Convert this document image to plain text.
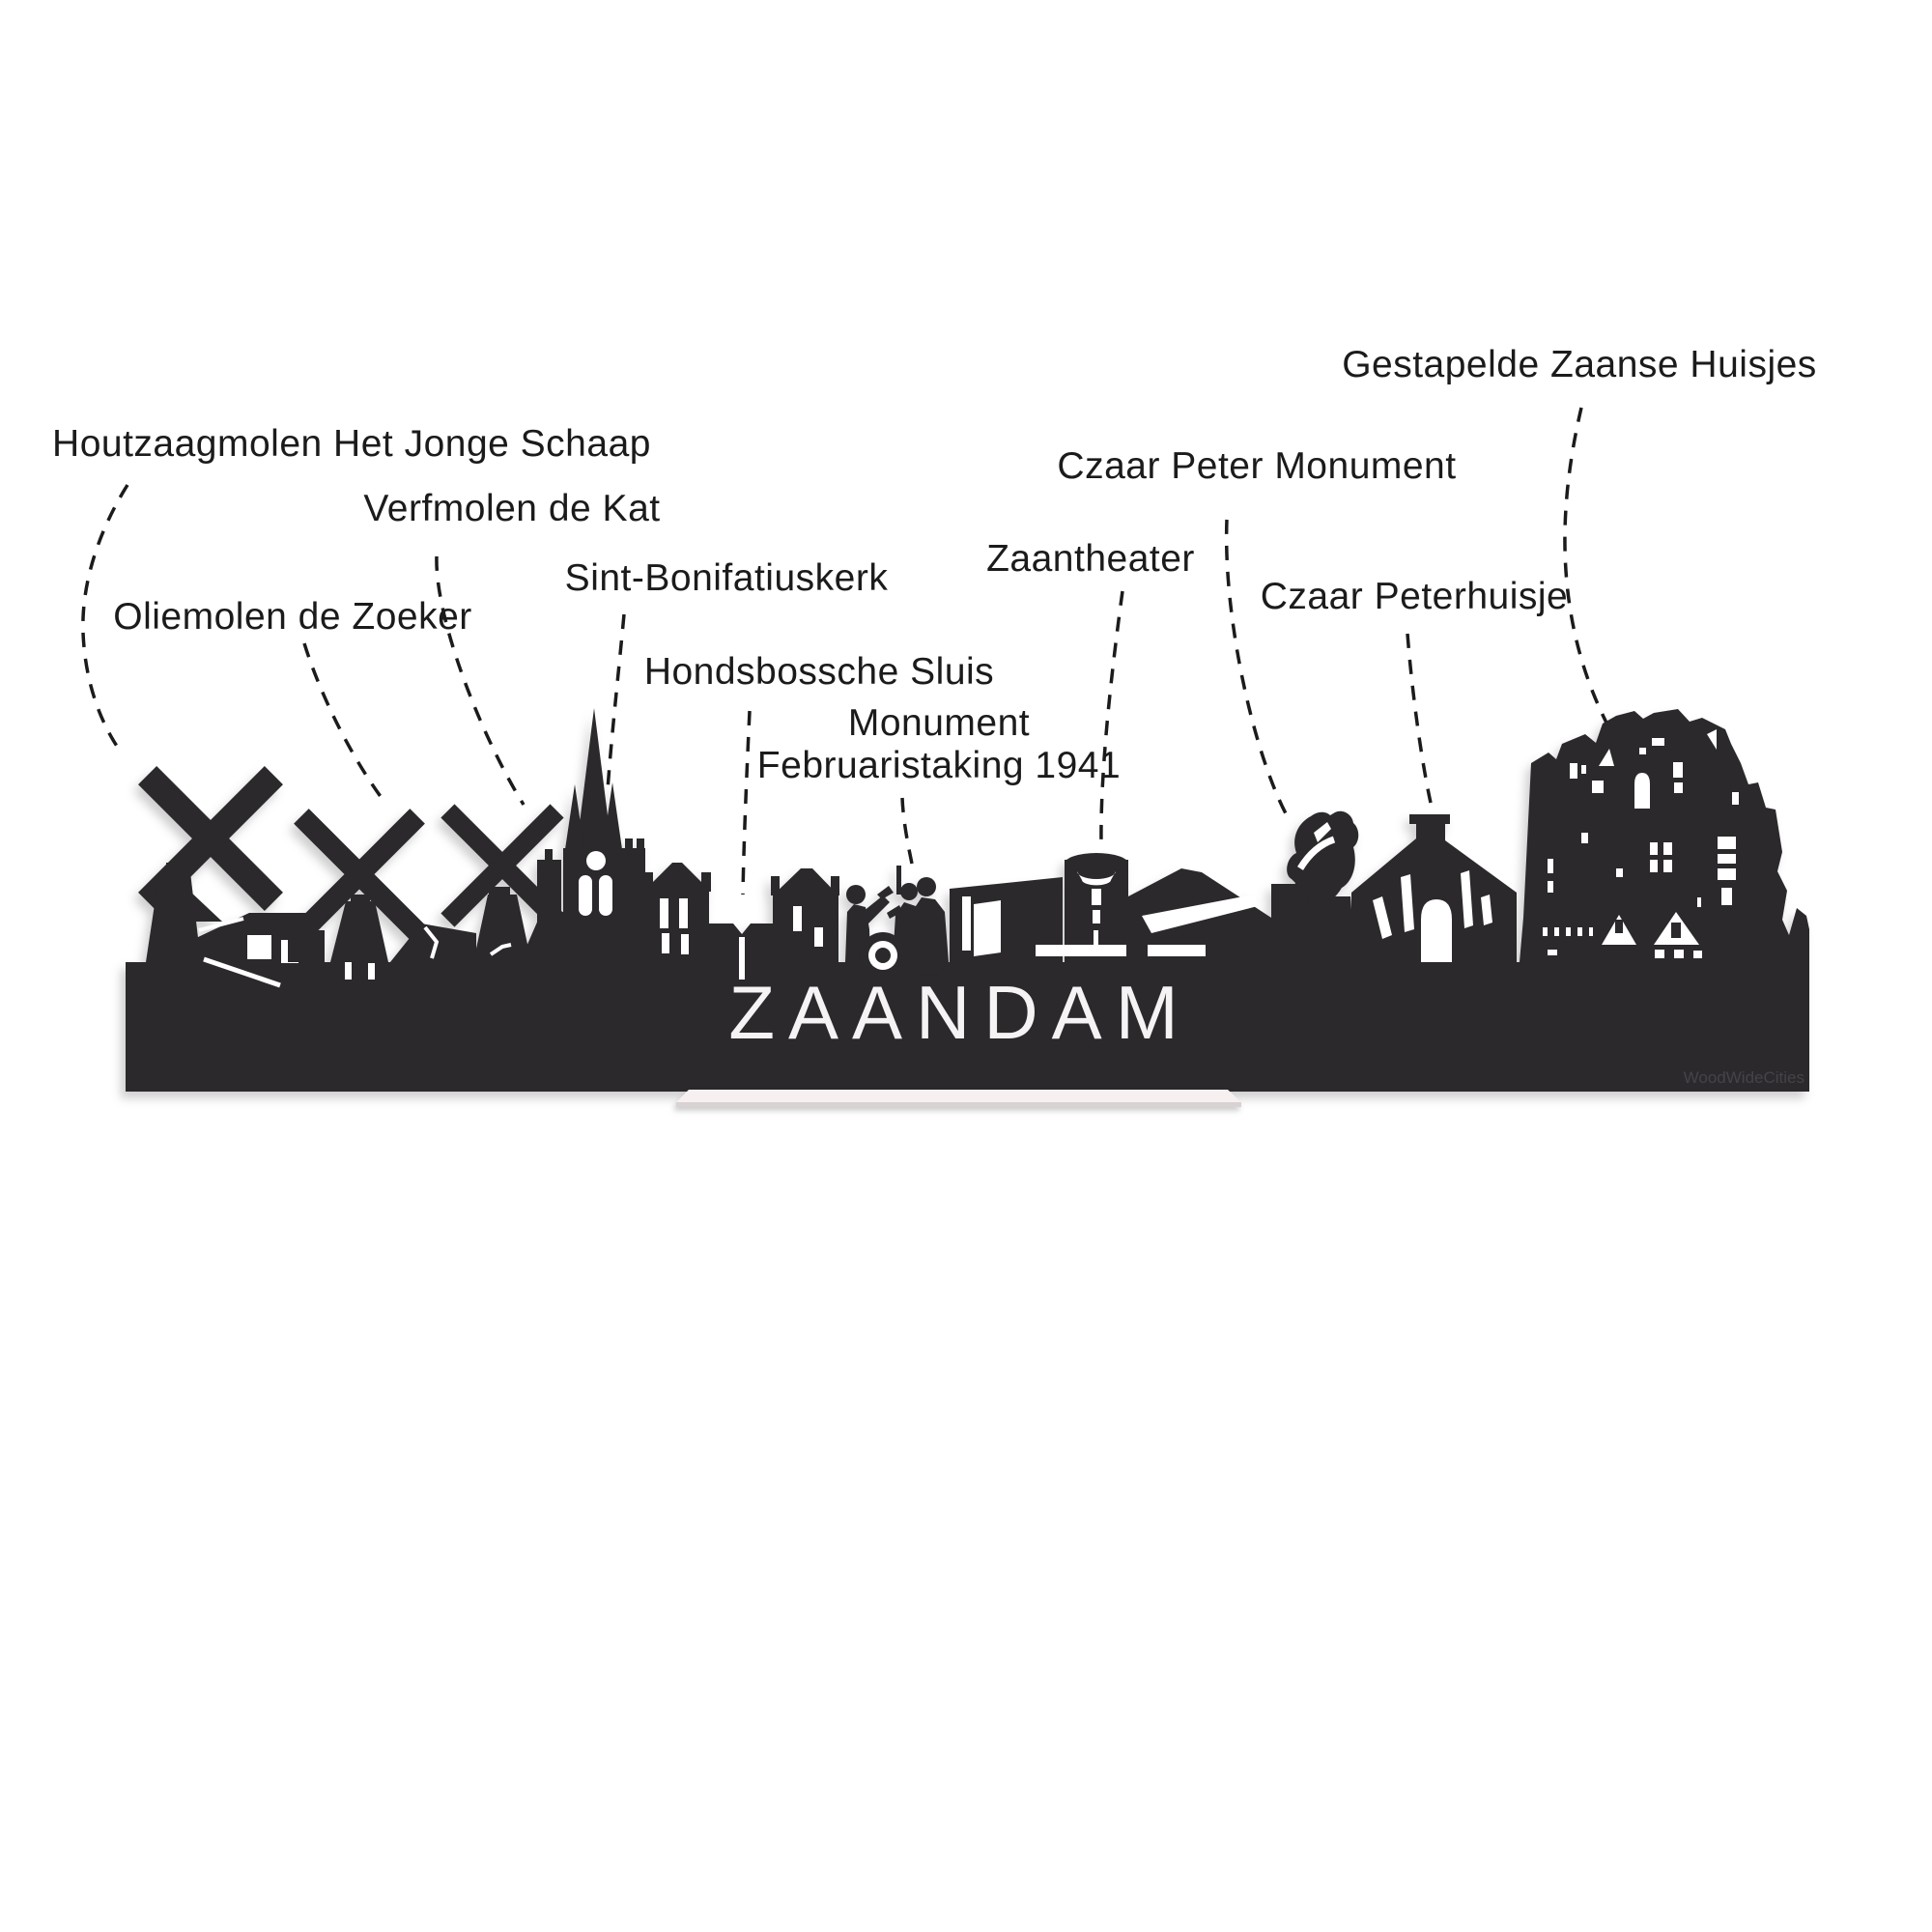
ZAANDAM
WoodWideCities
Houtzaagmolen Het Jonge Schaap
Verfmolen de Kat
Oliemolen de Zoeker
Sint-Bonifatiuskerk
Hondsbossche Sluis
Monument
Februaristaking 1941
Zaantheater
Czaar Peter Monument
Czaar Peterhuisje
Gestapelde Zaanse Huisjes
